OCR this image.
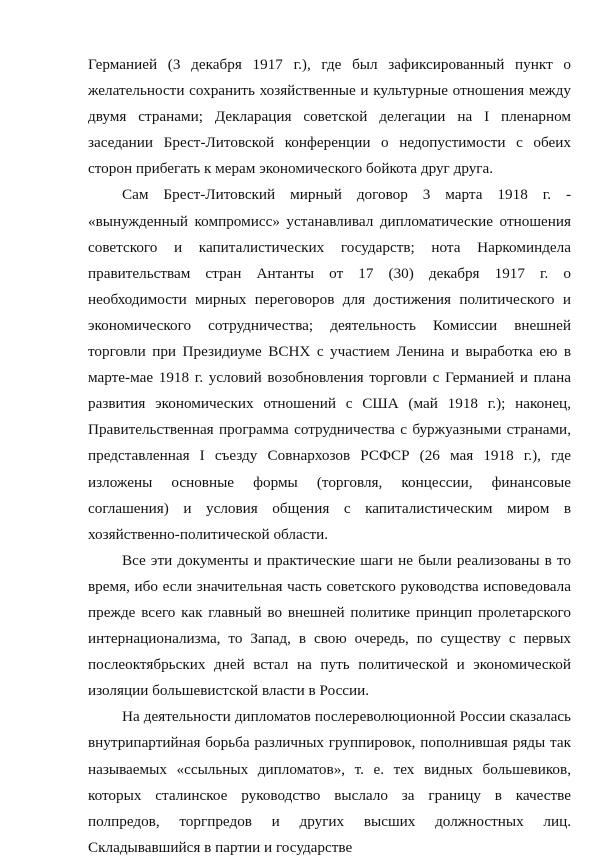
Германией (3 декабря 1917 г.), где был зафиксированный пункт о желательности сохранить хозяйственные и культурные отношения между двумя странами; Декларация советской делегации на I пленарном заседании Брест-Литовской конференции о недопустимости с обеих сторон прибегать к мерам экономического бойкота друг друга.

Сам Брест-Литовский мирный договор 3 марта 1918 г. - «вынужденный компромисс» устанавливал дипломатические отношения советского и капиталистических государств; нота Наркоминдела правительствам стран Антанты от 17 (30) декабря 1917 г. о необходимости мирных переговоров для достижения политического и экономического сотрудничества; деятельность Комиссии внешней торговли при Президиуме ВСНХ с участием Ленина и выработка ею в марте-мае 1918 г. условий возобновления торговли с Германией и плана развития экономических отношений с США (май 1918 г.); наконец, Правительственная программа сотрудничества с буржуазными странами, представленная I съезду Совнархозов РСФСР (26 мая 1918 г.), где изложены основные формы (торговля, концессии, финансовые соглашения) и условия общения с капиталистическим миром в хозяйственно-политической области.

Все эти документы и практические шаги не были реализованы в то время, ибо если значительная часть советского руководства исповедовала прежде всего как главный во внешней политике принцип пролетарского интернационализма, то Запад, в свою очередь, по существу с первых послеоктябрьских дней встал на путь политической и экономической изоляции большевистской власти в России.

На деятельности дипломатов послереволюционной России сказалась внутрипартийная борьба различных группировок, пополнившая ряды так называемых «ссыльных дипломатов», т. е. тех видных большевиков, которых сталинское руководство выслало за границу в качестве полпредов, торгпредов и других высших должностных лиц. Складывавшийся в партии и государстве
